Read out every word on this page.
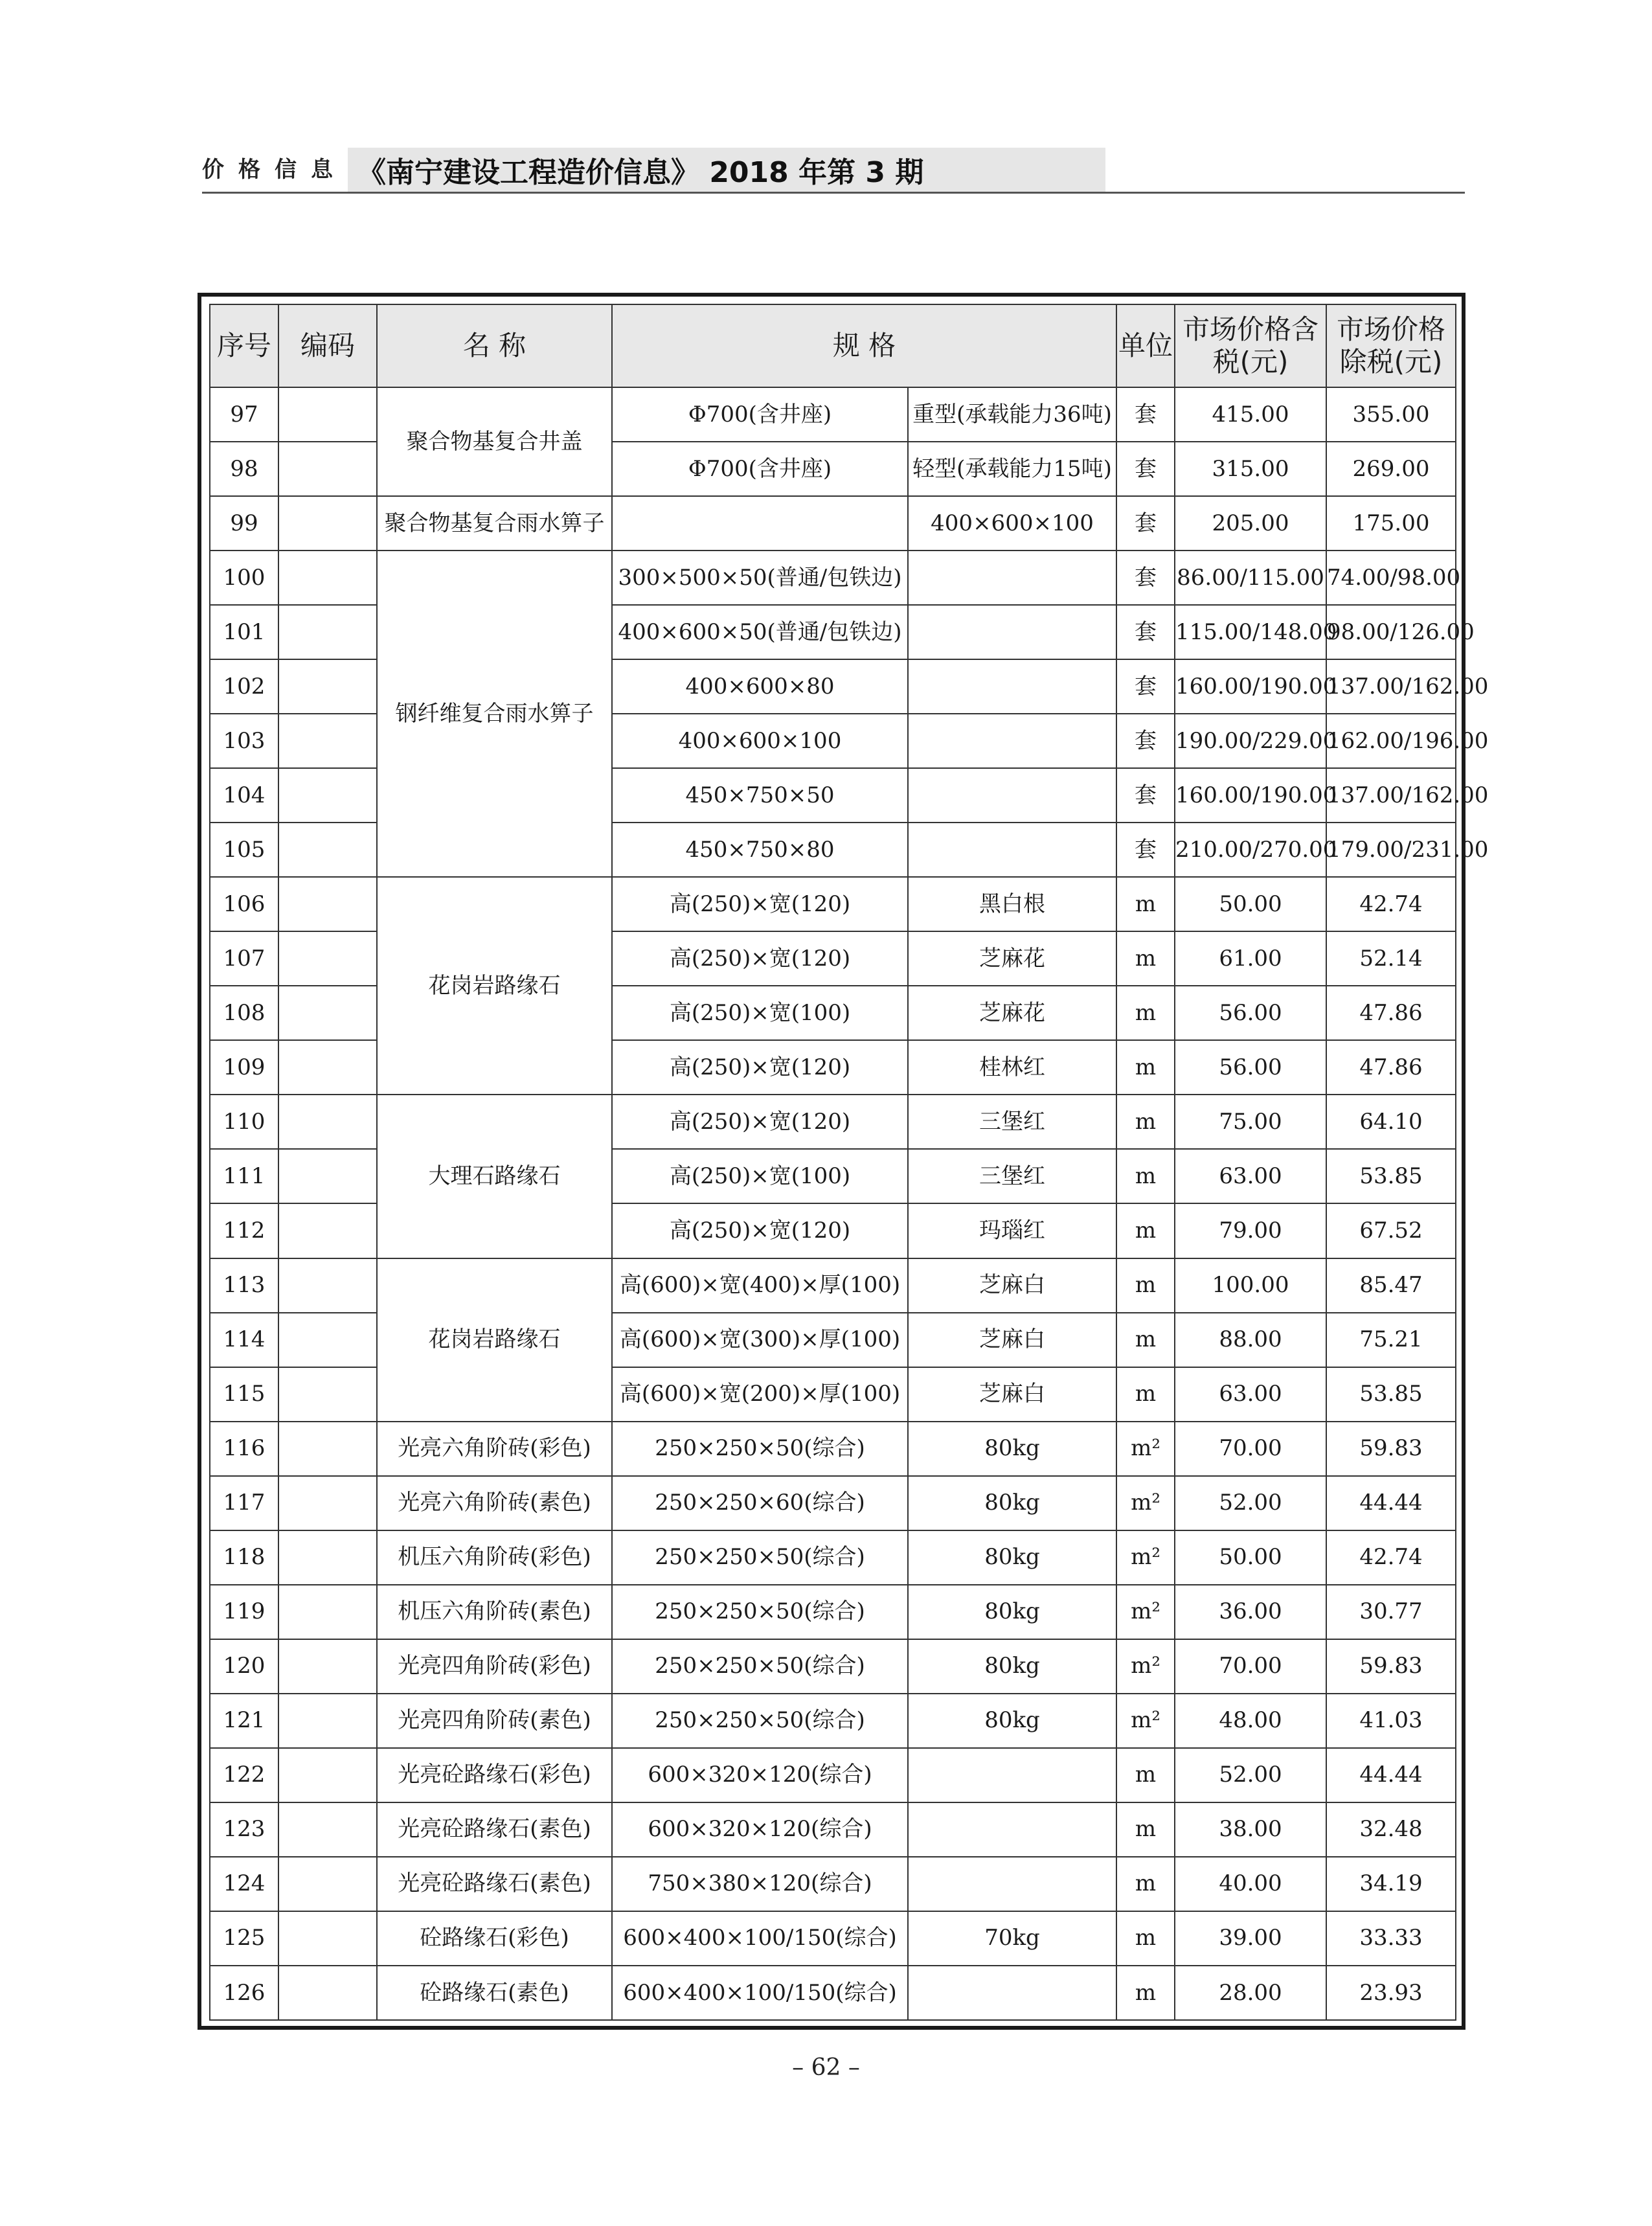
价格信息 《南宁建设工程造价信息》 2018 年第 3 期
序号	编码	名 称	规 格		单位	市场价格含税(元)	市场价格除税(元)
97		聚合物基复合井盖	Φ700(含井座)	重型(承载能力36吨)	套	415.00	355.00
98			Φ700(含井座)	轻型(承载能力15吨)	套	315.00	269.00
99		聚合物基复合雨水箅子		400×600×100	套	205.00	175.00
100		钢纤维复合雨水箅子	300×500×50(普通/包铁边)		套	86.00/115.00	74.00/98.00
101			400×600×50(普通/包铁边)		套	115.00/148.00	98.00/126.00
102			400×600×80		套	160.00/190.00	137.00/162.00
103			400×600×100		套	190.00/229.00	162.00/196.00
104			450×750×50		套	160.00/190.00	137.00/162.00
105			450×750×80		套	210.00/270.00	179.00/231.00
106		花岗岩路缘石	高(250)×宽(120)	黑白根	m	50.00	42.74
107			高(250)×宽(120)	芝麻花	m	61.00	52.14
108			高(250)×宽(100)	芝麻花	m	56.00	47.86
109			高(250)×宽(120)	桂林红	m	56.00	47.86
110		大理石路缘石	高(250)×宽(120)	三堡红	m	75.00	64.10
111			高(250)×宽(100)	三堡红	m	63.00	53.85
112			高(250)×宽(120)	玛瑙红	m	79.00	67.52
113		花岗岩路缘石	高(600)×宽(400)×厚(100)	芝麻白	m	100.00	85.47
114			高(600)×宽(300)×厚(100)	芝麻白	m	88.00	75.21
115			高(600)×宽(200)×厚(100)	芝麻白	m	63.00	53.85
116		光亮六角阶砖(彩色)	250×250×50(综合)	80kg	m²	70.00	59.83
117		光亮六角阶砖(素色)	250×250×60(综合)	80kg	m²	52.00	44.44
118		机压六角阶砖(彩色)	250×250×50(综合)	80kg	m²	50.00	42.74
119		机压六角阶砖(素色)	250×250×50(综合)	80kg	m²	36.00	30.77
120		光亮四角阶砖(彩色)	250×250×50(综合)	80kg	m²	70.00	59.83
121		光亮四角阶砖(素色)	250×250×50(综合)	80kg	m²	48.00	41.03
122		光亮砼路缘石(彩色)	600×320×120(综合)		m	52.00	44.44
123		光亮砼路缘石(素色)	600×320×120(综合)		m	38.00	32.48
124		光亮砼路缘石(素色)	750×380×120(综合)		m	40.00	34.19
125		砼路缘石(彩色)	600×400×100/150(综合)	70kg	m	39.00	33.33
126		砼路缘石(素色)	600×400×100/150(综合)		m	28.00	23.93
– 62 –
